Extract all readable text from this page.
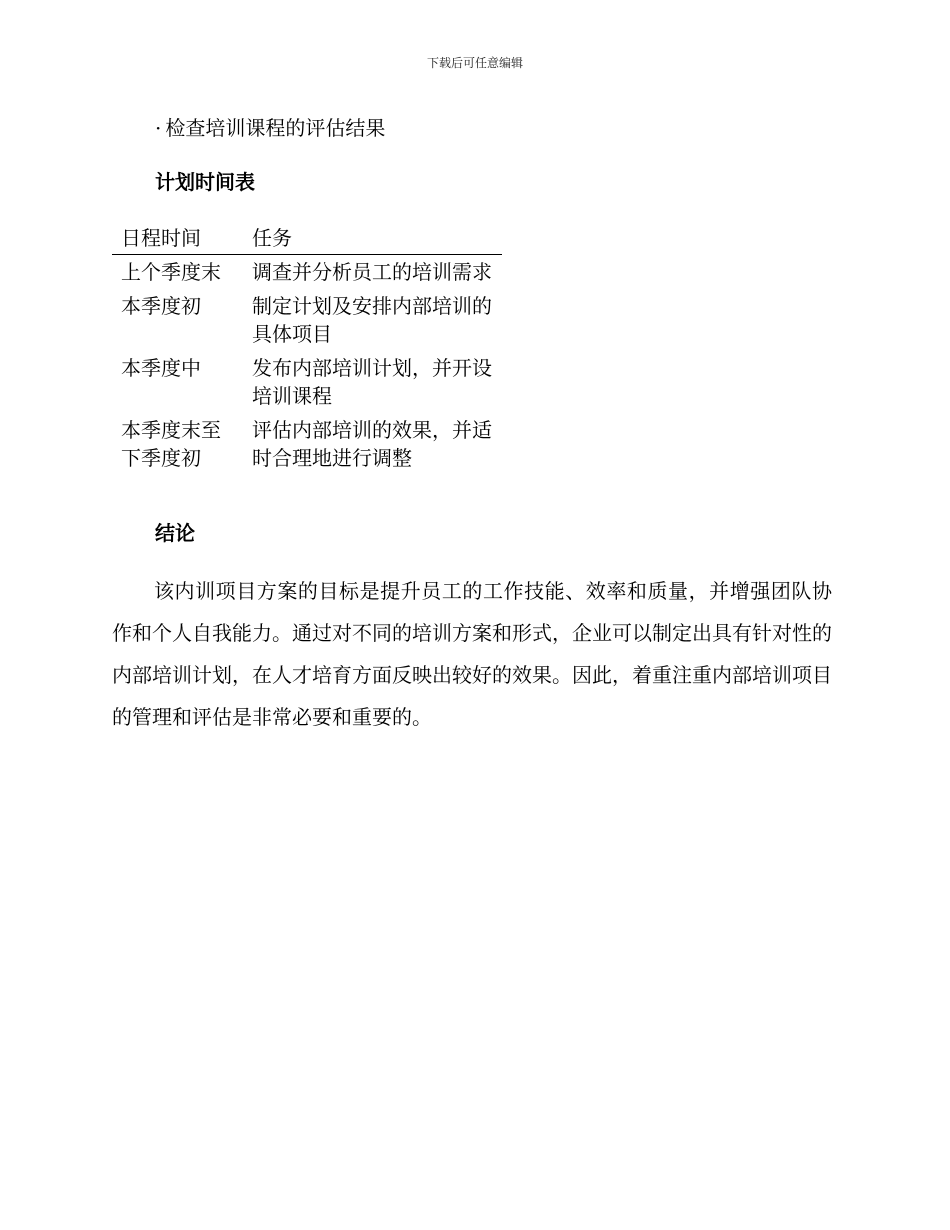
下载后可任意编辑
· 检查培训课程的评估结果
计划时间表
日程时间	任务
上个季度末	调查并分析员工的培训需求
本季度初	制定计划及安排内部培训的具体项目
本季度中	发布内部培训计划，并开设培训课程

本季度末至下季度初	评估内部培训的效果，并适时合理地进行调整
结论

该内训项目方案的目标是提升员工的工作技能、效率和质量，并增强团队协作和个人自我能力。通过对不同的培训方案和形式，企业可以制定出具有针对性的内部培训计划，在人才培育方面反映出较好的效果。因此，着重注重内部培训项目的管理和评估是非常必要和重要的。
